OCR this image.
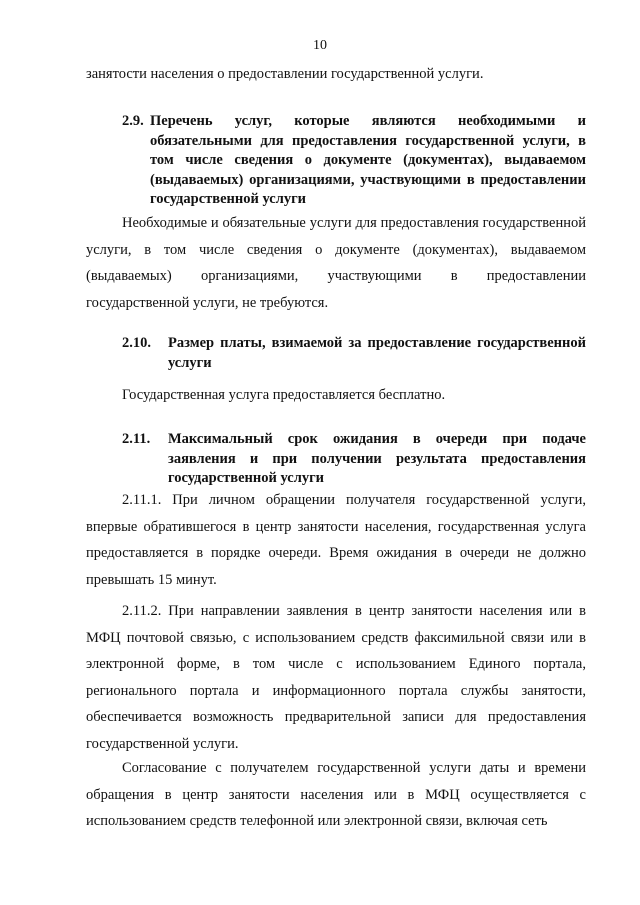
10
занятости населения о предоставлении государственной услуги.
2.9. Перечень услуг, которые являются необходимыми и обязательными для предоставления государственной услуги, в том числе сведения о документе (документах), выдаваемом (выдаваемых) организациями, участвующими в предоставлении государственной услуги
Необходимые и обязательные услуги для предоставления государственной услуги, в том числе сведения о документе (документах), выдаваемом (выдаваемых) организациями, участвующими в предоставлении государственной услуги, не требуются.
2.10. Размер платы, взимаемой за предоставление государственной услуги
Государственная услуга предоставляется бесплатно.
2.11. Максимальный срок ожидания в очереди при подаче заявления и при получении результата предоставления государственной услуги
2.11.1. При личном обращении получателя государственной услуги, впервые обратившегося в центр занятости населения, государственная услуга предоставляется в порядке очереди. Время ожидания в очереди не должно превышать 15 минут.
2.11.2. При направлении заявления в центр занятости населения или в МФЦ почтовой связью, с использованием средств факсимильной связи или в электронной форме, в том числе с использованием Единого портала, регионального портала и информационного портала службы занятости, обеспечивается возможность предварительной записи для предоставления государственной услуги.
Согласование с получателем государственной услуги даты и времени обращения в центр занятости населения или в МФЦ осуществляется с использованием средств телефонной или электронной связи, включая сеть
